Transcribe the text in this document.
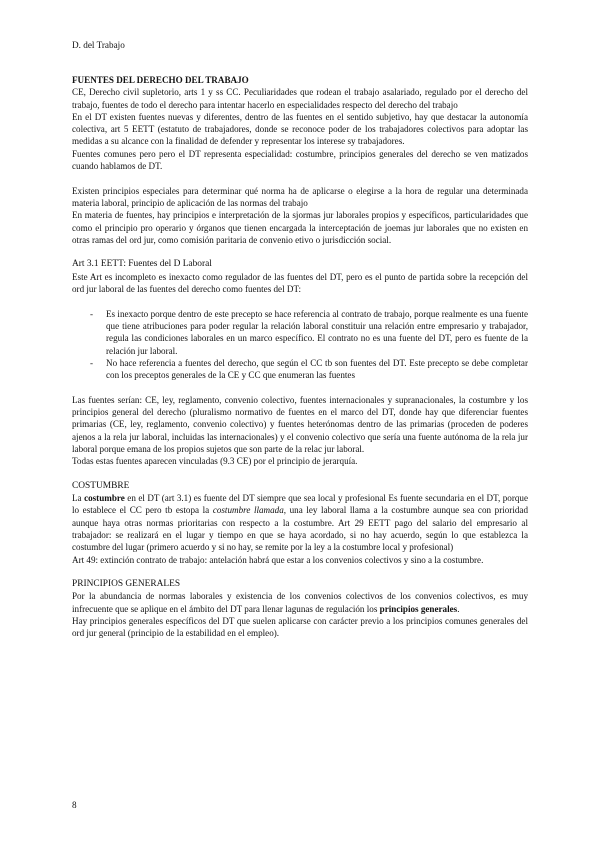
D. del Trabajo

FUENTES DEL DERECHO DEL TRABAJO

CE, Derecho civil supletorio, arts 1 y ss CC. Peculiaridades que rodean el trabajo asalariado, regulado por el derecho del trabajo, fuentes de todo el derecho para intentar hacerlo en especialidades respecto del derecho del trabajo

En el DT existen fuentes nuevas y diferentes, dentro de las fuentes en el sentido subjetivo, hay que destacar la autonomía colectiva, art 5 EETT (estatuto de trabajadores, donde se reconoce poder de los trabajadores colectivos para adoptar las medidas a su alcance con la finalidad de defender y representar los interese sy trabajadores.

Fuentes comunes pero pero el DT representa especialidad: costumbre, principios generales del derecho se ven matizados cuando hablamos de DT.

Existen principios especiales para determinar qué norma ha de aplicarse o elegirse a la hora de regular una determinada materia laboral, principio de aplicación de las normas del trabajo

En materia de fuentes, hay principios e interpretación de la sjormas jur laborales propios y específicos, particularidades que como el principio pro operario y órganos que tienen encargada la interceptación de joemas jur laborales que no existen en otras ramas del ord jur, como comisión paritaria de convenio etivo o jurisdicción social.

Art 3.1 EETT: Fuentes del D Laboral

Este Art es incompleto es inexacto como regulador de las fuentes del DT, pero es el punto de partida sobre la recepción del ord jur laboral de las fuentes del derecho como fuentes del DT:

- Es inexacto porque dentro de este precepto se hace referencia al contrato de trabajo, porque realmente es una fuente que tiene atribuciones para poder regular la relación laboral constituir una relación entre empresario y trabajador, regula las condiciones laborales en un marco específico. El contrato no es una fuente del DT, pero es fuente de la relación jur laboral.
- No hace referencia a fuentes del derecho, que según el CC tb son fuentes del DT. Este precepto se debe completar con los preceptos generales de la CE y CC que enumeran las fuentes

Las fuentes serían: CE, ley, reglamento, convenio colectivo, fuentes internacionales y supranacionales, la costumbre y los principios general del derecho (pluralismo normativo de fuentes en el marco del DT, donde hay que diferenciar fuentes primarias (CE, ley, reglamento, convenio colectivo) y fuentes heterónomas dentro de las primarias (proceden de poderes ajenos a la rela jur laboral, incluidas las internacionales) y el convenio colectivo que sería una fuente autónoma de la rela jur laboral porque emana de los propios sujetos que son parte de la relac jur laboral.

Todas estas fuentes aparecen vinculadas (9.3 CE) por el principio de jerarquía.

COSTUMBRE

La costumbre en el DT (art 3.1) es fuente del DT siempre que sea local y profesional Es fuente secundaria en el DT, porque lo establece el CC pero tb estopa la costumbre llamada, una ley laboral llama a la costumbre aunque sea con prioridad aunque haya otras normas prioritarias con respecto a la costumbre. Art 29 EETT pago del salario del empresario al trabajador: se realizará en el lugar y tiempo en que se haya acordado, si no hay acuerdo, según lo que establezca la costumbre del lugar (primero acuerdo y si no hay, se remite por la ley a la costumbre local y profesional)

Art 49: extinción contrato de trabajo: antelación habrá que estar a los convenios colectivos y sino a la costumbre.

PRINCIPIOS GENERALES

Por la abundancia de normas laborales y existencia de los convenios colectivos de los convenios colectivos, es muy infrecuente que se aplique en el ámbito del DT para llenar lagunas de regulación los principios generales.

Hay principios generales específicos del DT que suelen aplicarse con carácter previo a los principios comunes generales del ord jur general (principio de la estabilidad en el empleo).

8
